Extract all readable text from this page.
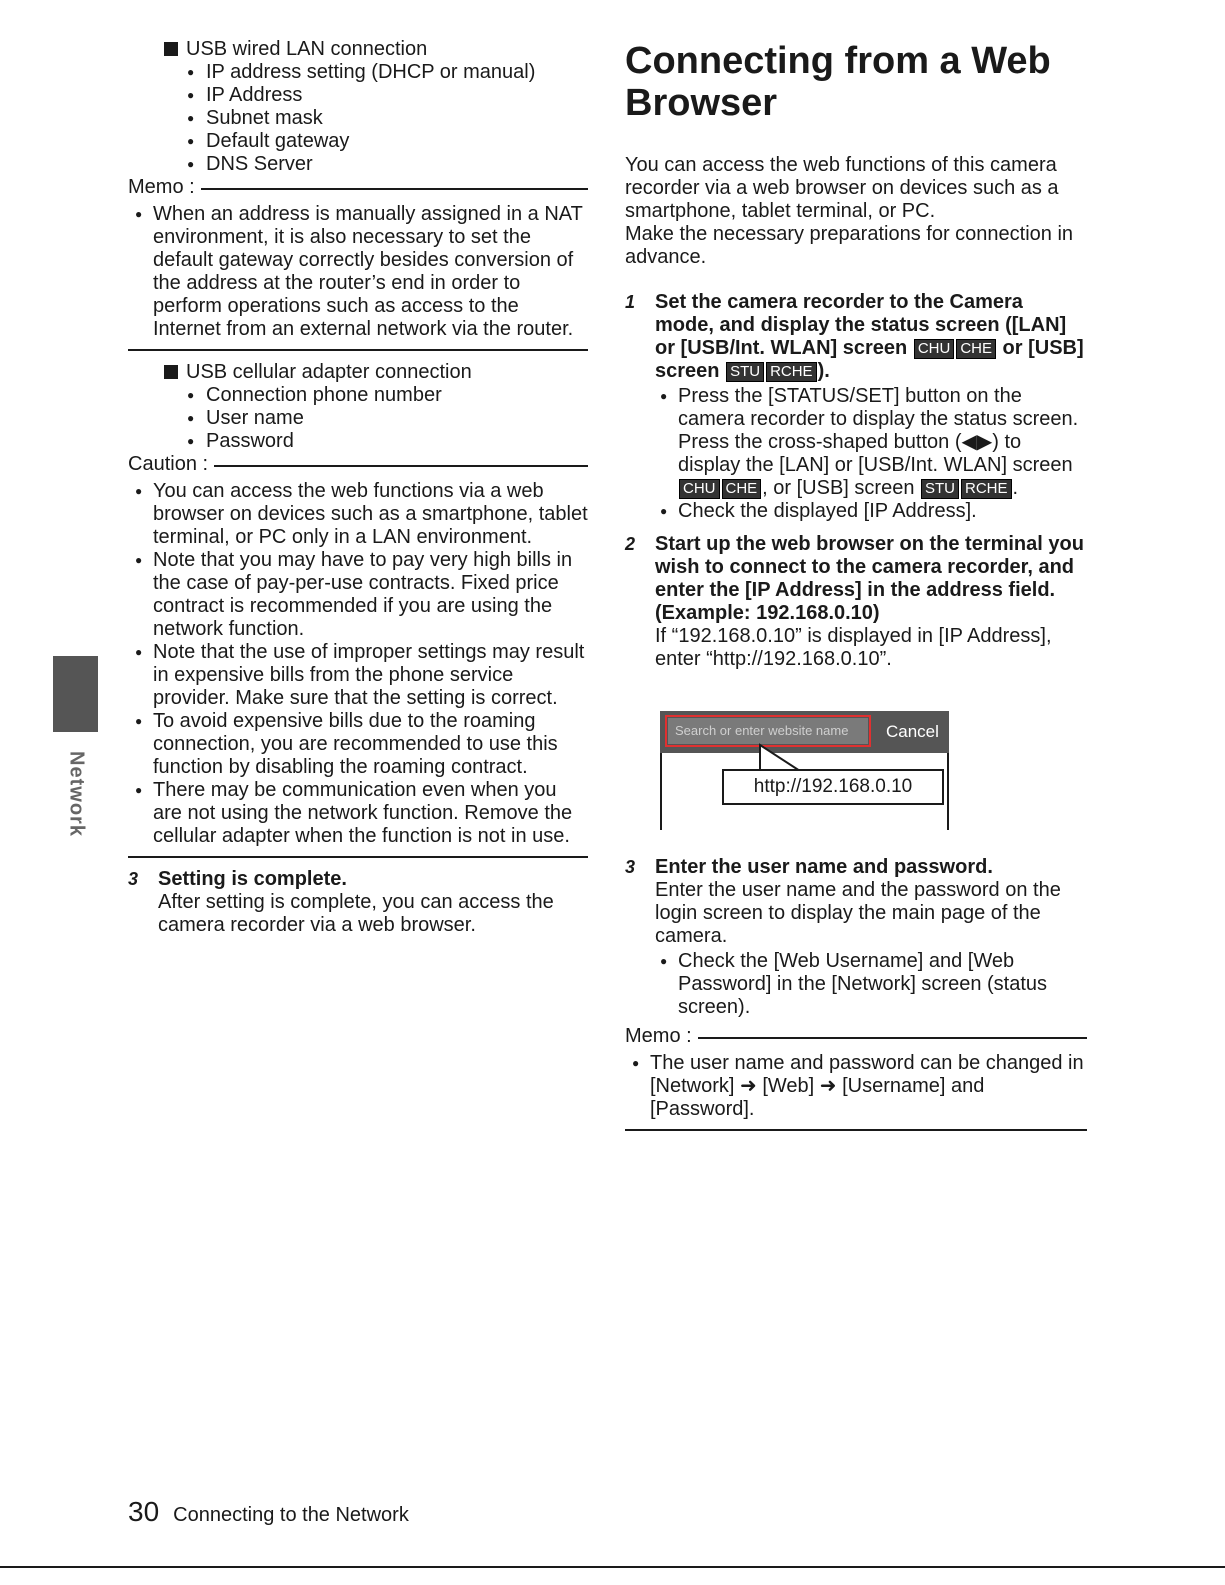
USB wired LAN connection

● IP address setting (DHCP or manual)
● IP Address
● Subnet mask
● Default gateway
● DNS Server
Memo :
● When an address is manually assigned in a NAT environment, it is also necessary to set the default gateway correctly besides conversion of the address at the router’s end in order to perform operations such as access to the Internet from an external network via the router.

USB cellular adapter connection

● Connection phone number
● User name
● Password
Caution :
● You can access the web functions via a web browser on devices such as a smartphone, tablet terminal, or PC only in a LAN environment.
● Note that you may have to pay very high bills in the case of pay-per-use contracts. Fixed price contract is recommended if you are using the network function.
● Note that the use of improper settings may result in expensive bills from the phone service provider. Make sure that the setting is correct.
● To avoid expensive bills due to the roaming connection, you are recommended to use this function by disabling the roaming contract.
● There may be communication even when you are not using the network function. Remove the cellular adapter when the function is not in use.
3 Setting is complete.

After setting is complete, you can access the camera recorder via a web browser.
Connecting from a Web Browser

You can access the web functions of this camera recorder via a web browser on devices such as a smartphone, tablet terminal, or PC.

Make the necessary preparations for connection in advance.

1 Set the camera recorder to the Camera mode, and display the status screen ([LAN] or [USB/Int. WLAN] screen CHU CHE or [USB] screen STU RCHE ).

● Press the [STATUS/SET] button on the camera recorder to display the status screen. Press the cross-shaped button (◀▶) to display the [LAN] or [USB/Int. WLAN] screen CHU CHE , or [USB] screen STU RCHE .
● Check the displayed [IP Address].
2 Start up the web browser on the terminal you wish to connect to the camera recorder, and enter the [IP Address] in the address field.

(Example: 192.168.0.10)

If “192.168.0.10” is displayed in [IP Address], enter “http://192.168.0.10”.
Search or enter website name	Cancel
http://192.168.0.10
3 Enter the user name and password.

Enter the user name and the password on the login screen to display the main page of the camera.
● Check the [Web Username] and [Web Password] in the [Network] screen (status screen).
Memo :
● The user name and password can be changed in [Network] ➜ [Web] ➜ [Username] and [Password].
Network
30 Connecting to the Network
